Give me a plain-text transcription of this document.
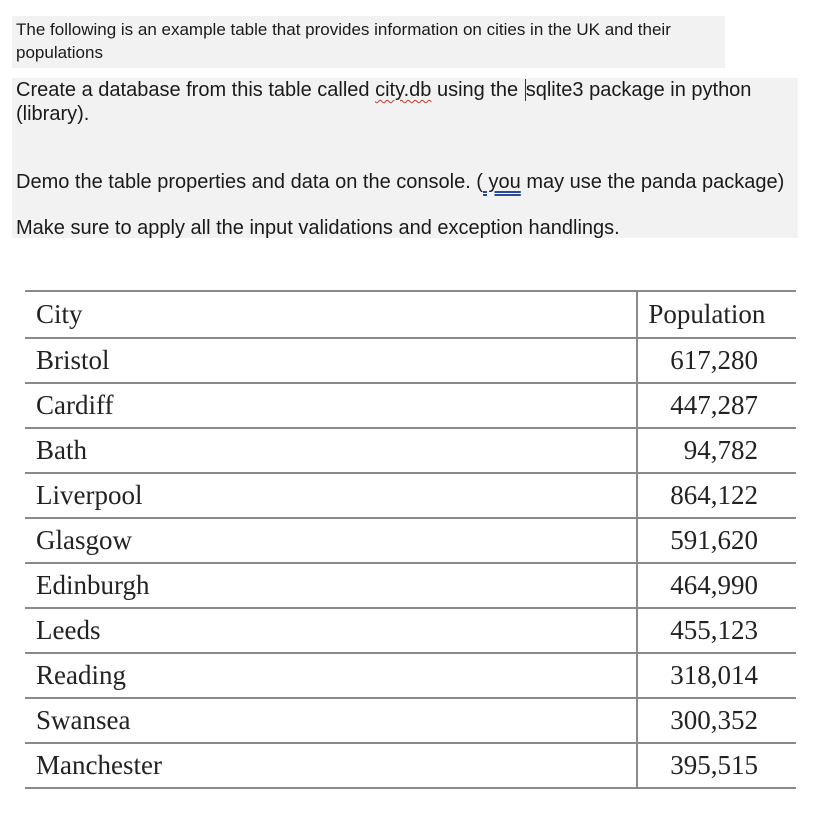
The following is an example table that provides information on cities in the UK and their populations

Create a database from this table called city.db using the sqlite3 package in python (library).

Demo the table properties and data on the console. ( you may use the panda package)

Make sure to apply all the input validations and exception handlings.

City	Population
Bristol	617,280
Cardiff	447,287
Bath	94,782
Liverpool	864,122
Glasgow	591,620
Edinburgh	464,990
Leeds	455,123
Reading	318,014
Swansea	300,352
Manchester	395,515
